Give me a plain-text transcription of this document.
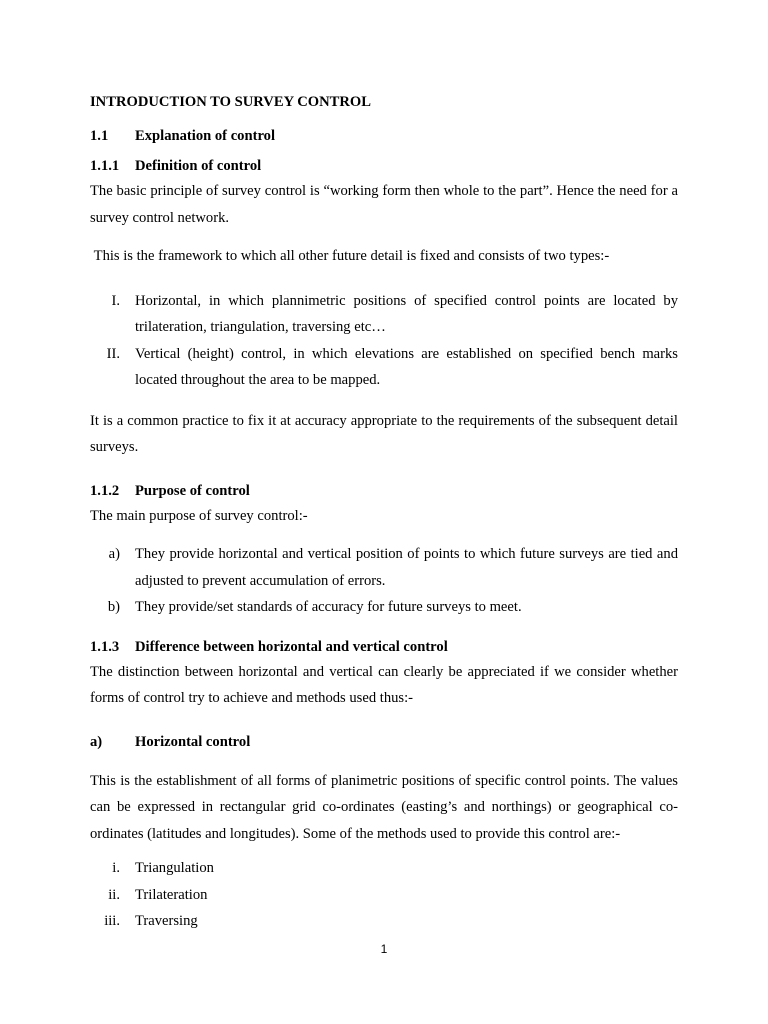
INTRODUCTION TO SURVEY CONTROL
1.1 Explanation of control
1.1.1 Definition of control

The basic principle of survey control is “working form then whole to the part”. Hence the need for a survey control network.

This is the framework to which all other future detail is fixed and consists of two types:-

I. Horizontal, in which plannimetric positions of specified control points are located by trilateration, triangulation, traversing etc…
II. Vertical (height) control, in which elevations are established on specified bench marks located throughout the area to be mapped.

It is a common practice to fix it at accuracy appropriate to the requirements of the subsequent detail surveys.

1.1.2 Purpose of control

The main purpose of survey control:-

a) They provide horizontal and vertical position of points to which future surveys are tied and adjusted to prevent accumulation of errors.
b) They provide/set standards of accuracy for future surveys to meet.
1.1.3 Difference between horizontal and vertical control

The distinction between horizontal and vertical can clearly be appreciated if we consider whether forms of control try to achieve and methods used thus:-

a) Horizontal control

This is the establishment of all forms of planimetric positions of specific control points. The values can be expressed in rectangular grid co-ordinates (easting’s and northings) or geographical co-ordinates (latitudes and longitudes). Some of the methods used to provide this control are:-

i. Triangulation
ii. Trilateration
iii. Traversing
1
